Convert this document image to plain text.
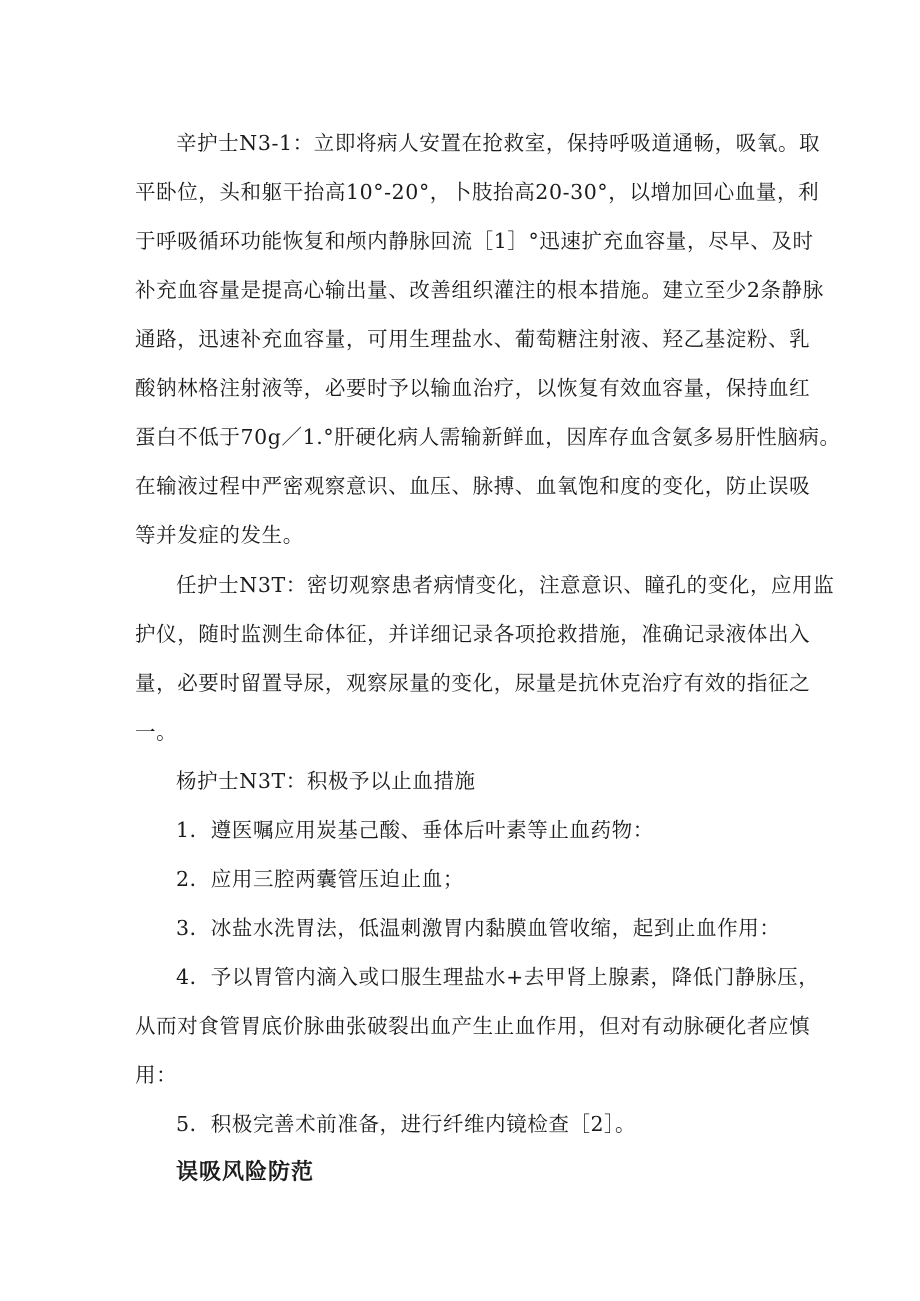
辛护士N3-1：立即将病人安置在抢救室，保持呼吸道通畅，吸氧。取
平卧位，头和躯干抬高10°-20°，卜肢抬高20-30°，以增加回心血量，利
于呼吸循环功能恢复和颅内静脉回流［1］°迅速扩充血容量，尽早、及时
补充血容量是提高心输出量、改善组织灌注的根本措施。建立至少2条静脉
通路，迅速补充血容量，可用生理盐水、葡萄糖注射液、羟乙基淀粉、乳
酸钠林格注射液等，必要时予以输血治疗，以恢复有效血容量，保持血红
蛋白不低于70g／1.°肝硬化病人需输新鲜血，因库存血含氨多易肝性脑病。
在输液过程中严密观察意识、血压、脉搏、血氧饱和度的变化，防止误吸
等并发症的发生。
任护士N3T：密切观察患者病情变化，注意意识、瞳孔的变化，应用监
护仪，随时监测生命体征，并详细记录各项抢救措施，准确记录液体出入
量，必要时留置导尿，观察尿量的变化，尿量是抗休克治疗有效的指征之
一。
杨护士N3T：积极予以止血措施
1．遵医嘱应用炭基己酸、垂体后叶素等止血药物：
2．应用三腔两囊管压迫止血；
3．冰盐水洗胃法，低温刺激胃内黏膜血管收缩，起到止血作用：
4．予以胃管内滴入或口服生理盐水+去甲肾上腺素，降低门静脉压，
从而对食管胃底价脉曲张破裂出血产生止血作用，但对有动脉硬化者应慎
用：
5．积极完善术前准备，进行纤维内镜检查［2］。
误吸风险防范
